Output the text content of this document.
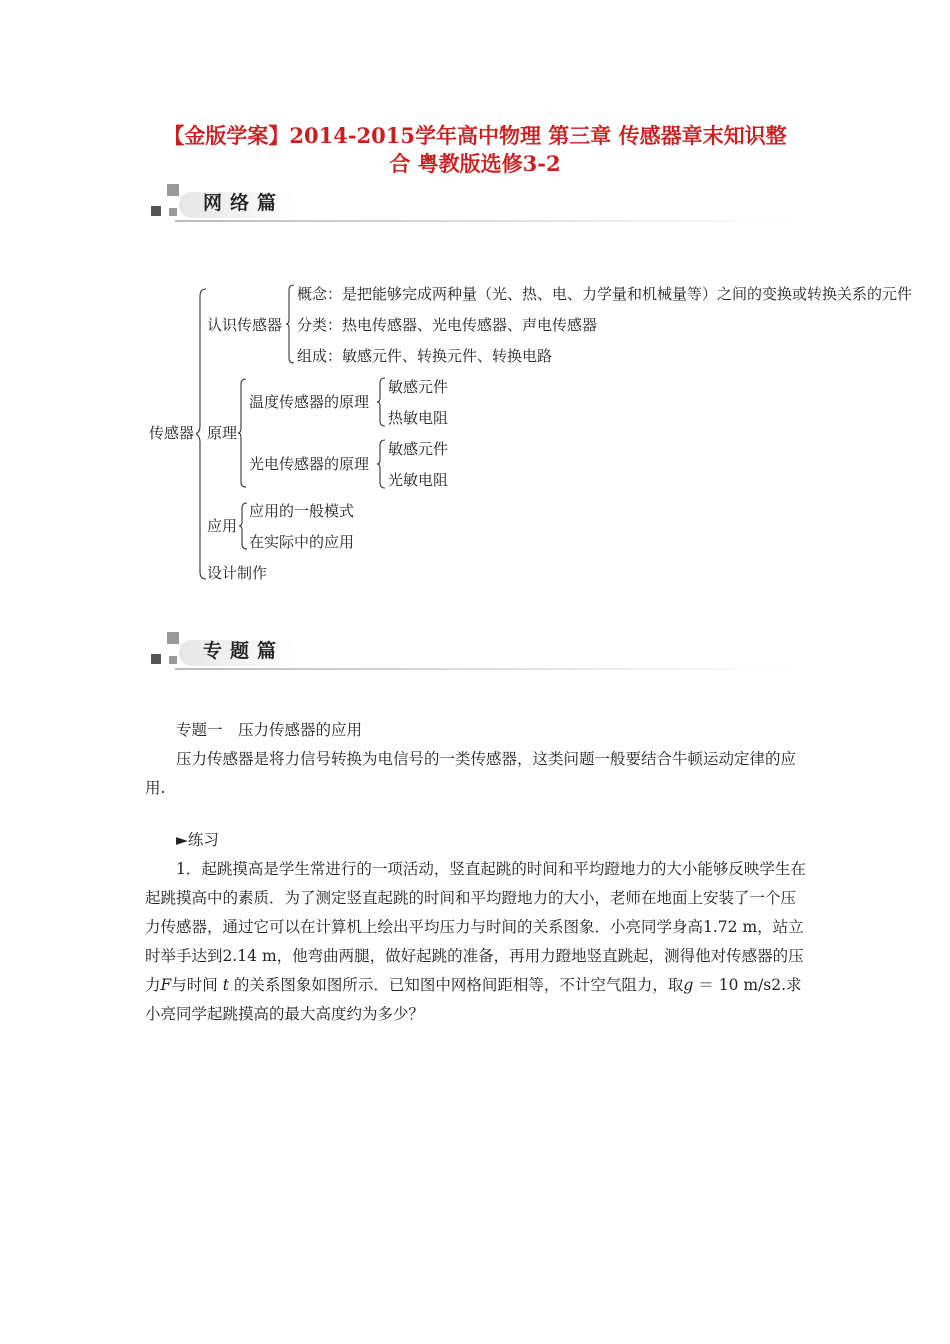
【金版学案】2014-2015学年高中物理 第三章 传感器章末知识整
合 粤教版选修3-2
网络篇
传感器
认识传感器
概念：是把能够完成两种量（光、热、电、力学量和机械量等）之间的变换或转换关系的元件
分类：热电传感器、光电传感器、声电传感器
组成：敏感元件、转换元件、转换电路
原理
温度传感器的原理
敏感元件
热敏电阻
光电传感器的原理
敏感元件
光敏电阻
应用
应用的一般模式
在实际中的应用
设计制作
专题篇
专题一　压力传感器的应用
压力传感器是将力信号转换为电信号的一类传感器，这类问题一般要结合牛顿运动定律的应用.
►练习
1．起跳摸高是学生常进行的一项活动，竖直起跳的时间和平均蹬地力的大小能够反映学生在起跳摸高中的素质．为了测定竖直起跳的时间和平均蹬地力的大小，老师在地面上安装了一个压力传感器，通过它可以在计算机上绘出平均压力与时间的关系图象．小亮同学身高1.72 m，站立时举手达到2.14 m，他弯曲两腿，做好起跳的准备，再用力蹬地竖直跳起，测得他对传感器的压力F与时间 t 的关系图象如图所示．已知图中网格间距相等，不计空气阻力，取g ＝ 10 m/s2.求小亮同学起跳摸高的最大高度约为多少？
